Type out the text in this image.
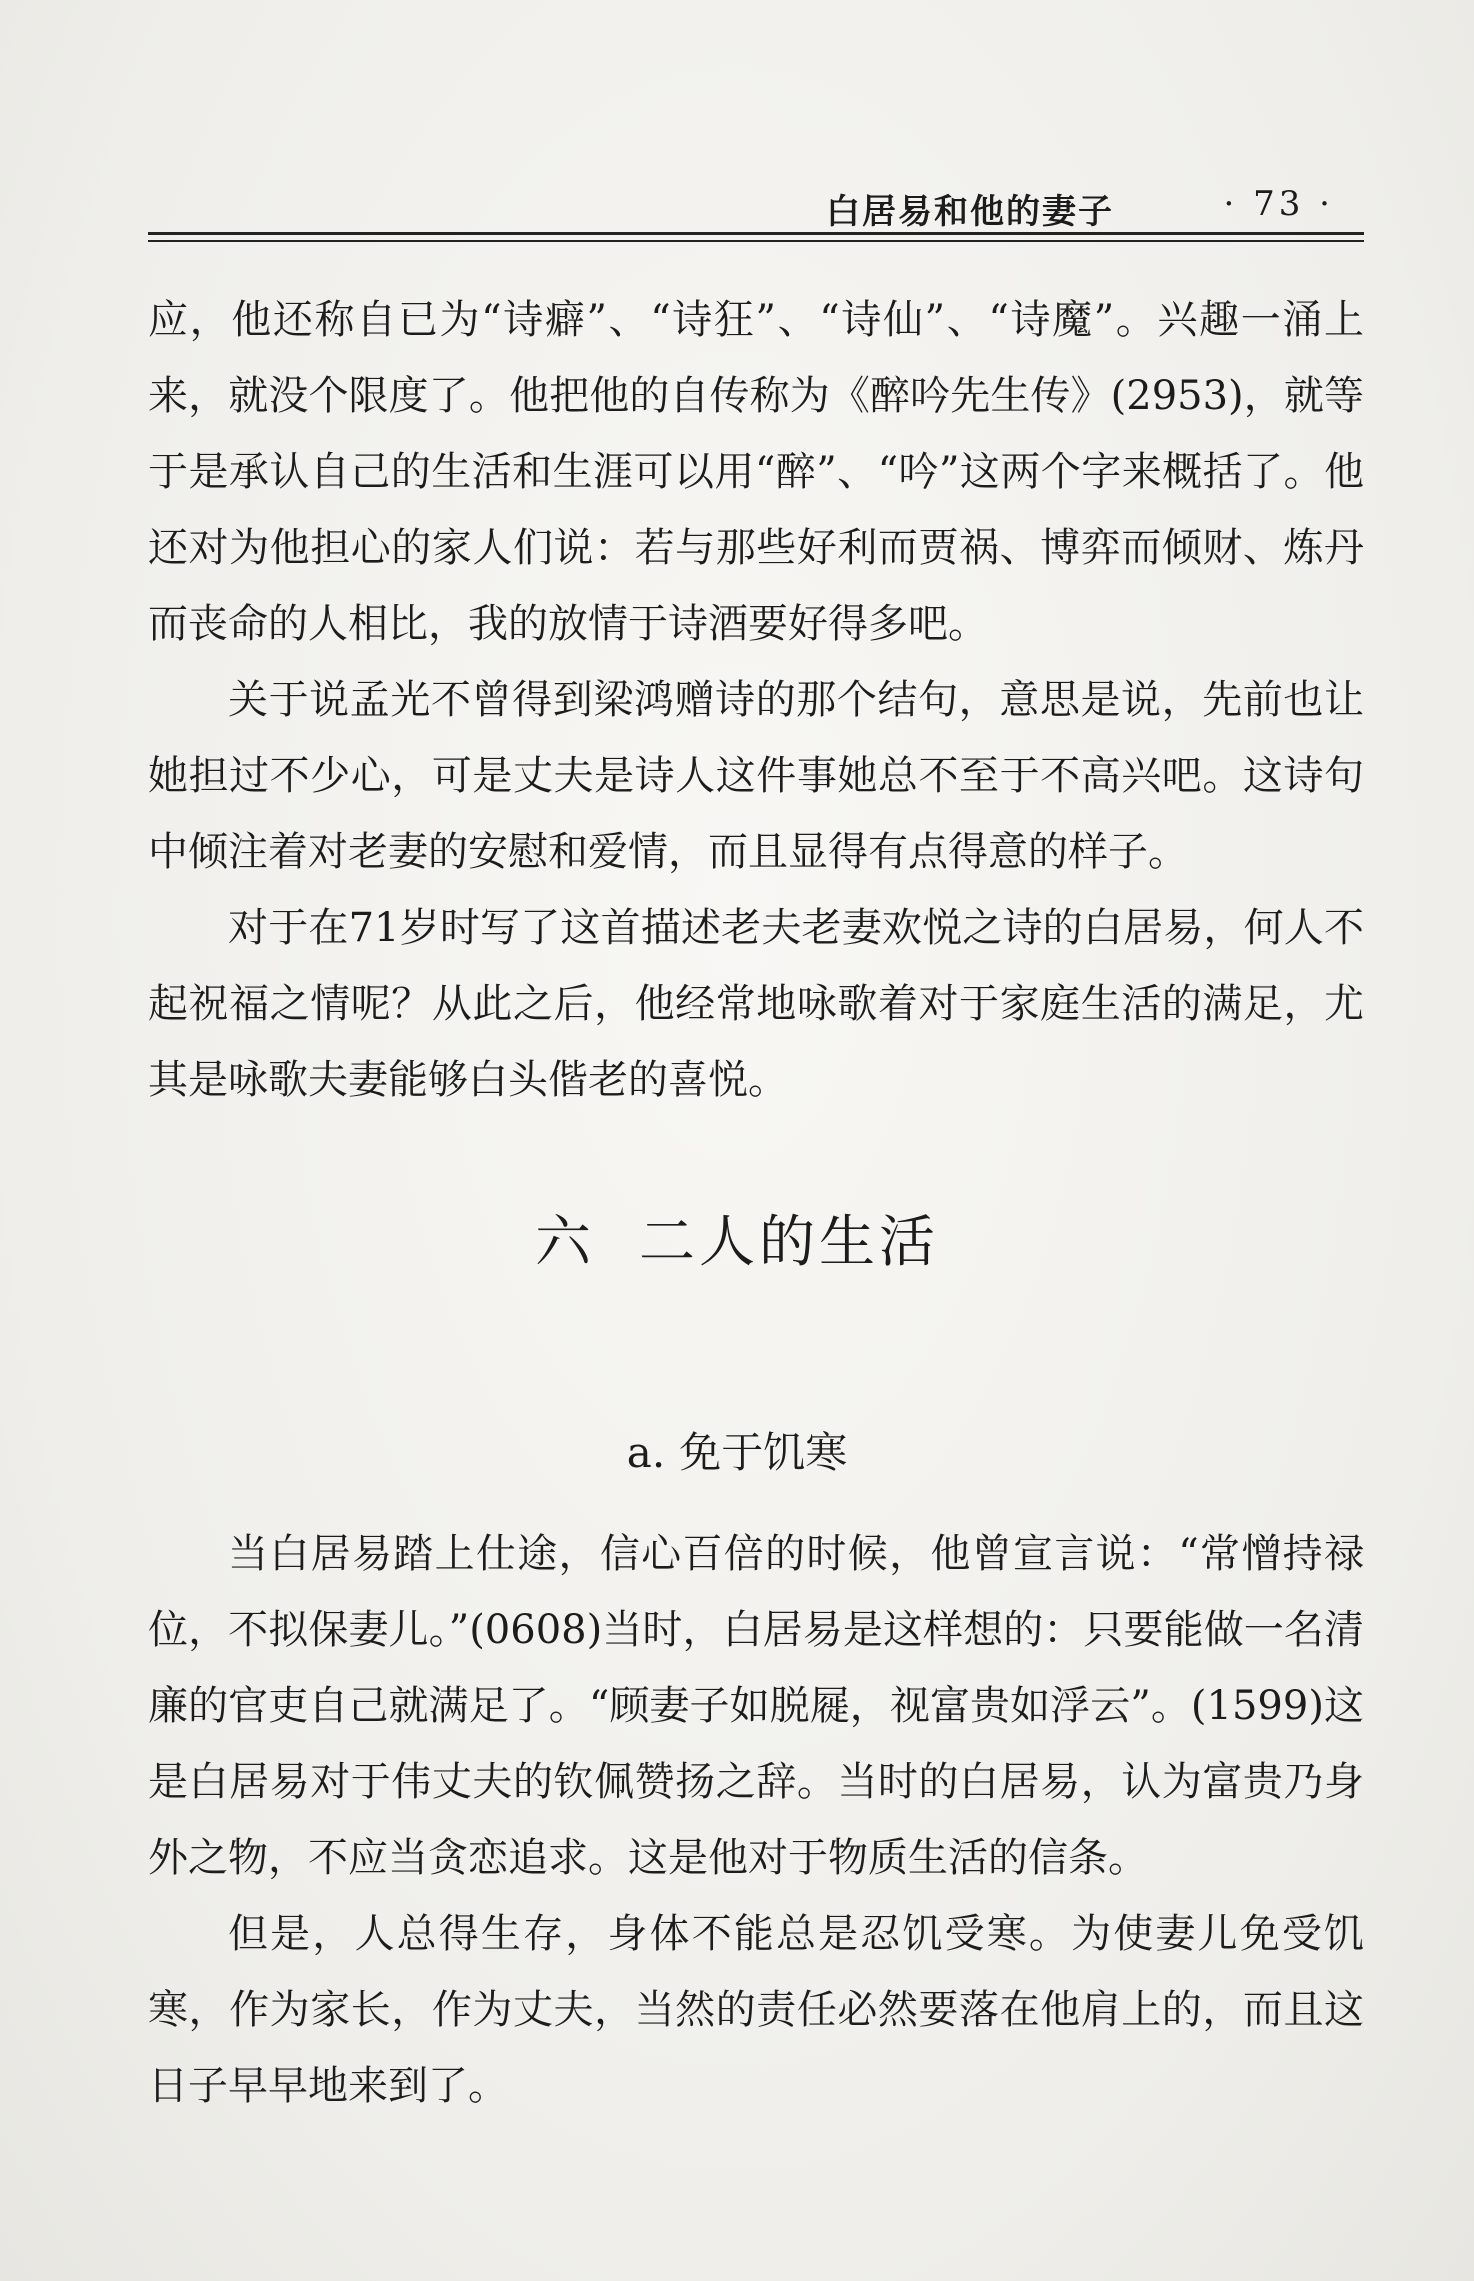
白居易和他的妻子	· 73 ·

应，他还称自已为“诗癖”、“诗狂”、“诗仙”、“诗魔”。兴趣一涌上来，就没个限度了。他把他的自传称为《醉吟先生传》(2953)，就等于是承认自己的生活和生涯可以用“醉”、“吟”这两个字来概括了。他还对为他担心的家人们说：若与那些好利而贾祸、博弈而倾财、炼丹而丧命的人相比，我的放情于诗酒要好得多吧。

关于说孟光不曾得到梁鸿赠诗的那个结句，意思是说，先前也让她担过不少心，可是丈夫是诗人这件事她总不至于不高兴吧。这诗句中倾注着对老妻的安慰和爱情，而且显得有点得意的样子。

对于在71岁时写了这首描述老夫老妻欢悦之诗的白居易，何人不起祝福之情呢？从此之后，他经常地咏歌着对于家庭生活的满足，尤其是咏歌夫妻能够白头偕老的喜悦。

六 二人的生活
a. 免于饥寒

当白居易踏上仕途，信心百倍的时候，他曾宣言说：“常憎持禄位，不拟保妻儿。”(0608)当时，白居易是这样想的：只要能做一名清廉的官吏自己就满足了。“顾妻子如脱屣，视富贵如浮云”。(1599)这是白居易对于伟丈夫的钦佩赞扬之辞。当时的白居易，认为富贵乃身外之物，不应当贪恋追求。这是他对于物质生活的信条。

但是，人总得生存，身体不能总是忍饥受寒。为使妻儿免受饥寒，作为家长，作为丈夫，当然的责任必然要落在他肩上的，而且这日子早早地来到了。
